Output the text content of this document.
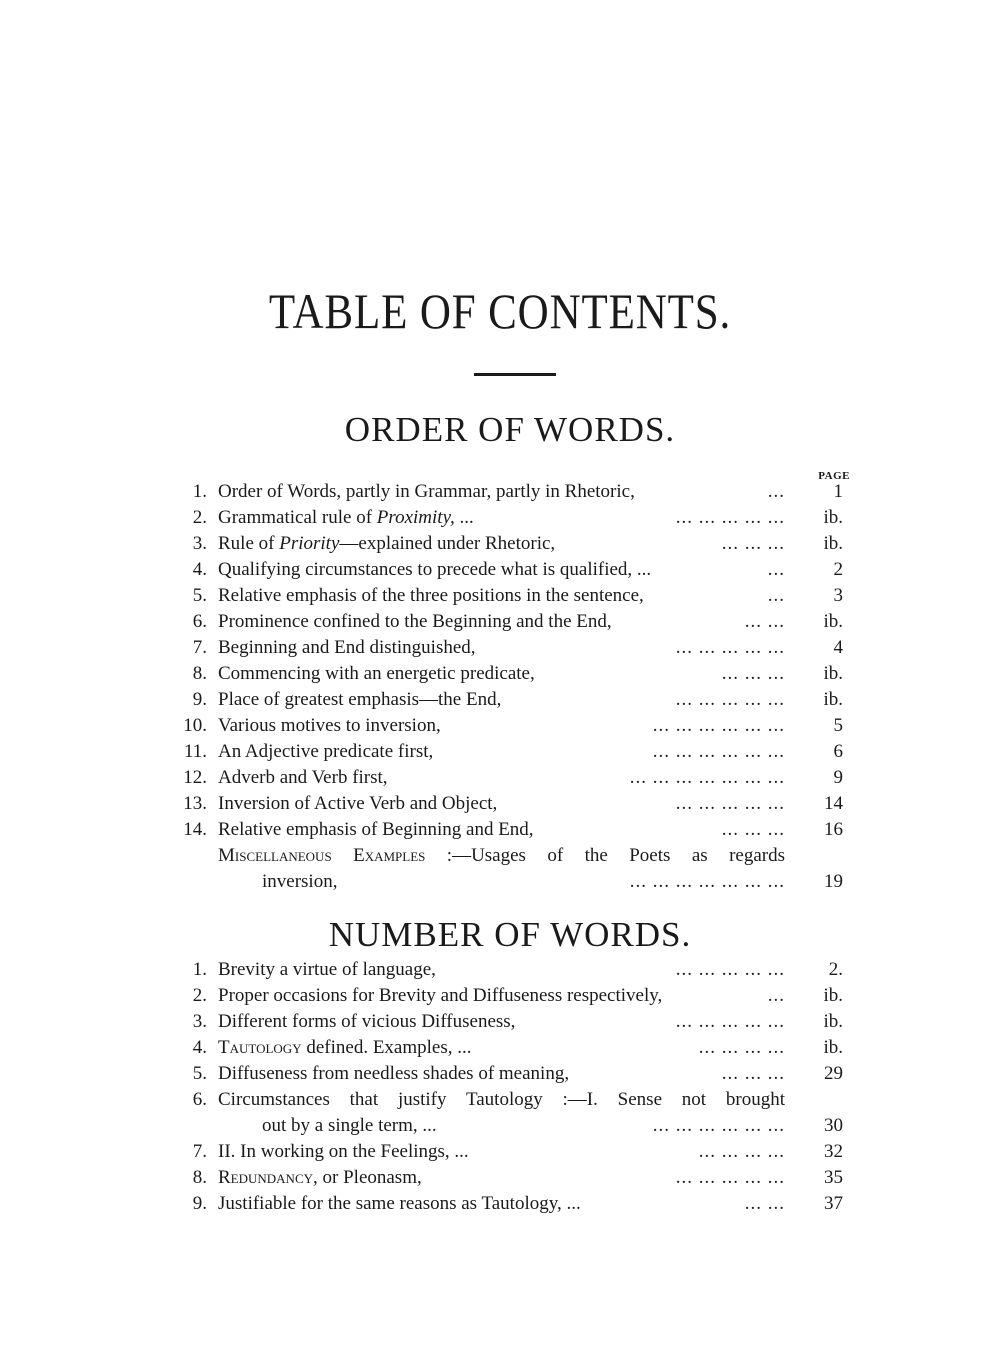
TABLE OF CONTENTS.
ORDER OF WORDS.
PAGE
1. Order of Words, partly in Grammar, partly in Rhetoric,	...	1
2. Grammatical rule of Proximity, ...	... ... ... ... ...	ib.
3. Rule of Priority—explained under Rhetoric,	... ... ...	ib.
4. Qualifying circumstances to precede what is qualified, ...	...	2
5. Relative emphasis of the three positions in the sentence,	...	3
6. Prominence confined to the Beginning and the End,	... ...	ib.
7. Beginning and End distinguished,	... ... ... ... ...	4
8. Commencing with an energetic predicate,	... ... ...	ib.
9. Place of greatest emphasis—the End,	... ... ... ... ...	ib.
10. Various motives to inversion,	... ... ... ... ... ...	5
11. An Adjective predicate first,	... ... ... ... ... ...	6
12. Adverb and Verb first,	... ... ... ... ... ... ...	9
13. Inversion of Active Verb and Object,	... ... ... ... ...	14
14. Relative emphasis of Beginning and End,	... ... ...	16
Miscellaneous Examples :—Usages of the Poets as regards
inversion,	... ... ... ... ... ... ...	19
NUMBER OF WORDS.
1. Brevity a virtue of language,	... ... ... ... ...	2.
2. Proper occasions for Brevity and Diffuseness respectively,	...	ib.
3. Different forms of vicious Diffuseness,	... ... ... ... ...	ib.
4. Tautology defined. Examples, ...	... ... ... ...	ib.
5. Diffuseness from needless shades of meaning,	... ... ...	29
6. Circumstances that justify Tautology :—I. Sense not brought
out by a single term, ...	... ... ... ... ... ...	30
7. II. In working on the Feelings, ...	... ... ... ...	32
8. Redundancy, or Pleonasm,	... ... ... ... ...	35
9. Justifiable for the same reasons as Tautology, ...	... ...	37
